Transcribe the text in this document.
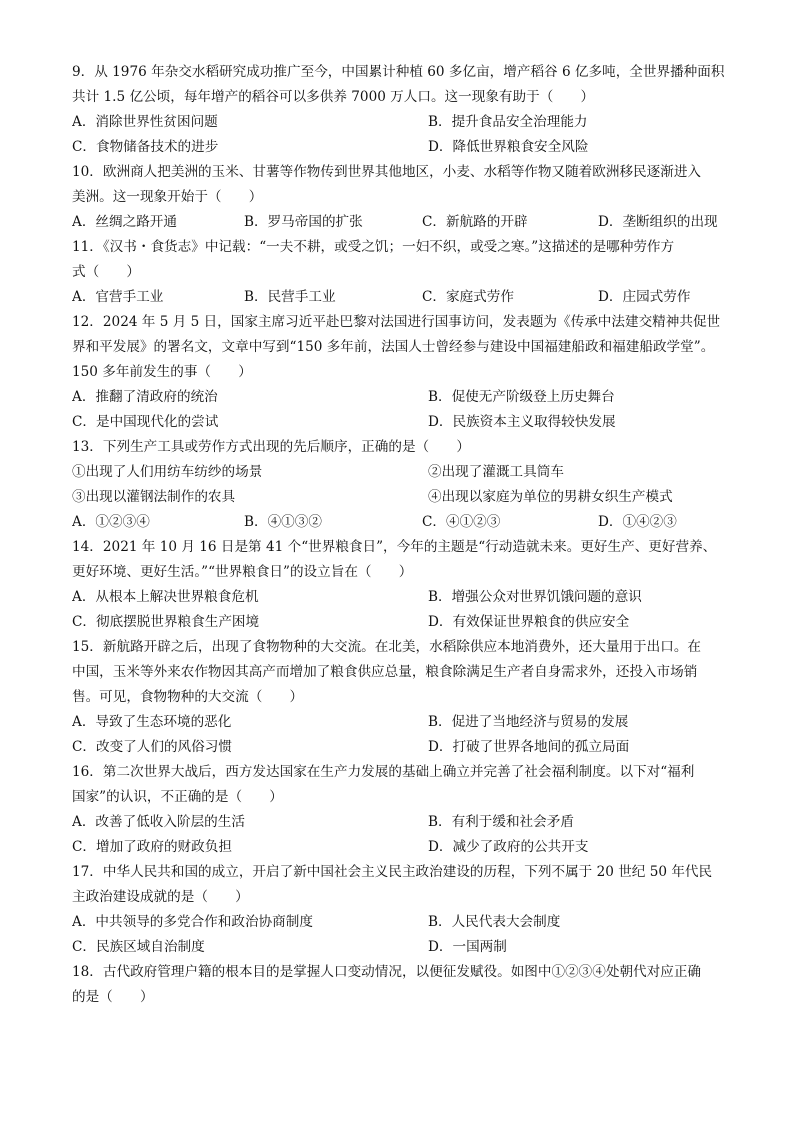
9．从 1976 年杂交水稻研究成功推广至今，中国累计种植 60 多亿亩，增产稻谷 6 亿多吨，全世界播种面积
共计 1.5 亿公顷，每年增产的稻谷可以多供养 7000 万人口。这一现象有助于（　　）
A．消除世界性贫困问题	B．提升食品安全治理能力
C．食物储备技术的进步	D．降低世界粮食安全风险
10．欧洲商人把美洲的玉米、甘薯等作物传到世界其他地区，小麦、水稻等作物又随着欧洲移民逐渐进入
美洲。这一现象开始于（　　）
A．丝绸之路开通	B．罗马帝国的扩张	C．新航路的开辟	D．垄断组织的出现
11．《汉书・食货志》中记载：“一夫不耕，或受之饥；一妇不织，或受之寒。”这描述的是哪种劳作方
式（　　）
A．官营手工业	B．民营手工业	C．家庭式劳作	D．庄园式劳作
12．2024 年 5 月 5 日，国家主席习近平赴巴黎对法国进行国事访问，发表题为《传承中法建交精神共促世
界和平发展》的署名文，文章中写到“150 多年前，法国人士曾经参与建设中国福建船政和福建船政学堂”。
150 多年前发生的事（　　）
A．推翻了清政府的统治	B．促使无产阶级登上历史舞台
C．是中国现代化的尝试	D．民族资本主义取得较快发展
13．下列生产工具或劳作方式出现的先后顺序，正确的是（　　）
①出现了人们用纺车纺纱的场景	②出现了灌溉工具筒车
③出现以灌钢法制作的农具	④出现以家庭为单位的男耕女织生产模式
A．①②③④	B．④①③②	C．④①②③	D．①④②③
14．2021 年 10 月 16 日是第 41 个“世界粮食日”，今年的主题是“行动造就未来。更好生产、更好营养、
更好环境、更好生活。”“世界粮食日”的设立旨在（　　）
A．从根本上解决世界粮食危机	B．增强公众对世界饥饿问题的意识
C．彻底摆脱世界粮食生产困境	D．有效保证世界粮食的供应安全
15．新航路开辟之后，出现了食物物种的大交流。在北美，水稻除供应本地消费外，还大量用于出口。在
中国，玉米等外来农作物因其高产而增加了粮食供应总量，粮食除满足生产者自身需求外，还投入市场销
售。可见，食物物种的大交流（　　）
A．导致了生态环境的恶化	B．促进了当地经济与贸易的发展
C．改变了人们的风俗习惯	D．打破了世界各地间的孤立局面
16．第二次世界大战后，西方发达国家在生产力发展的基础上确立并完善了社会福利制度。以下对“福利
国家”的认识，不正确的是（　　）
A．改善了低收入阶层的生活	B．有利于缓和社会矛盾
C．增加了政府的财政负担	D．减少了政府的公共开支
17．中华人民共和国的成立，开启了新中国社会主义民主政治建设的历程，下列不属于 20 世纪 50 年代民
主政治建设成就的是（　　）
A．中共领导的多党合作和政治协商制度	B．人民代表大会制度
C．民族区域自治制度	D．一国两制
18．古代政府管理户籍的根本目的是掌握人口变动情况，以便征发赋役。如图中①②③④处朝代对应正确
的是（　　）
